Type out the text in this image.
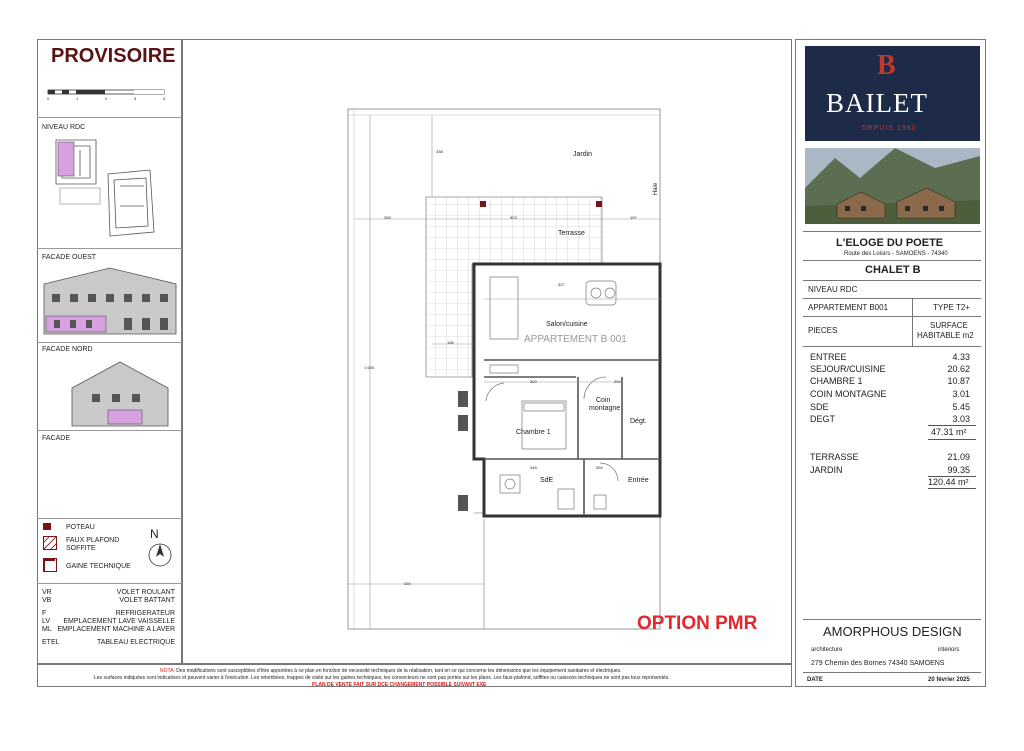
PROVISOIRE
0	1	2	3	4
NIVEAU RDC
FACADE OUEST
FACADE NORD
FACADE
POTEAU
FAUX PLAFOND
SOFFITE
GAINE TECHNIQUE
N
VR	VOLET ROULANT
VB	VOLET BATTANT
F	REFRIGERATEUR
LV EMPLACEMENT LAVE VAISSELLE
ML EMPLACEMENT MACHINE A LAVER
ETEL	TABLEAU ELECTRIQUE
Jardin
Haie
Terrasse
Salon/cuisine
APPARTEMENT B 001
Chambre 1
Coin
montagne
Dégt.
SdE	Entrée
OPTION PMR
259	923	197
338
327
320	294
1 655
430
158
394
348
B
BAILET
DEPUIS 1980
L'ELOGE DU POETE
Route des Loisirs - SAMOENS - 74340
CHALET B
NIVEAU RDC
APPARTEMENT B001	TYPE T2+
PIECES
SURFACE
HABITABLE m2
ENTREE	4.33
SEJOUR/CUISINE	20.62
CHAMBRE 1	10.87
COIN MONTAGNE	3.01
SDE	5.45
DEGT	3.03
47.31 m²
TERRASSE	21.09
JARDIN	99.35
120.44 m²
AMORPHOUS DESIGN
architecture	interiors
279 Chemin des Bornes 74340 SAMOENS
DATE	20 février 2025
NOTA: Des modifications sont susceptibles d'être apportées à ce plan en fonction de necessité techniques de la réalisation, tant en ce qui concerne les dimensions que les équipement sanitaires et électriques.
Les surfaces indiquées sont indicatives et peuvent varier à l'exécution. Les retombées, trappes de visite sur les gaines techniques, les convecteurs ne sont pas portés sur les plans. Les faux-plafond, soffites ou caissons techniques ne sont pas tous représentés.
PLAN DE VENTE FAIT SUR DCE CHANGEMENT POSSIBLE SUIVANT EXE
